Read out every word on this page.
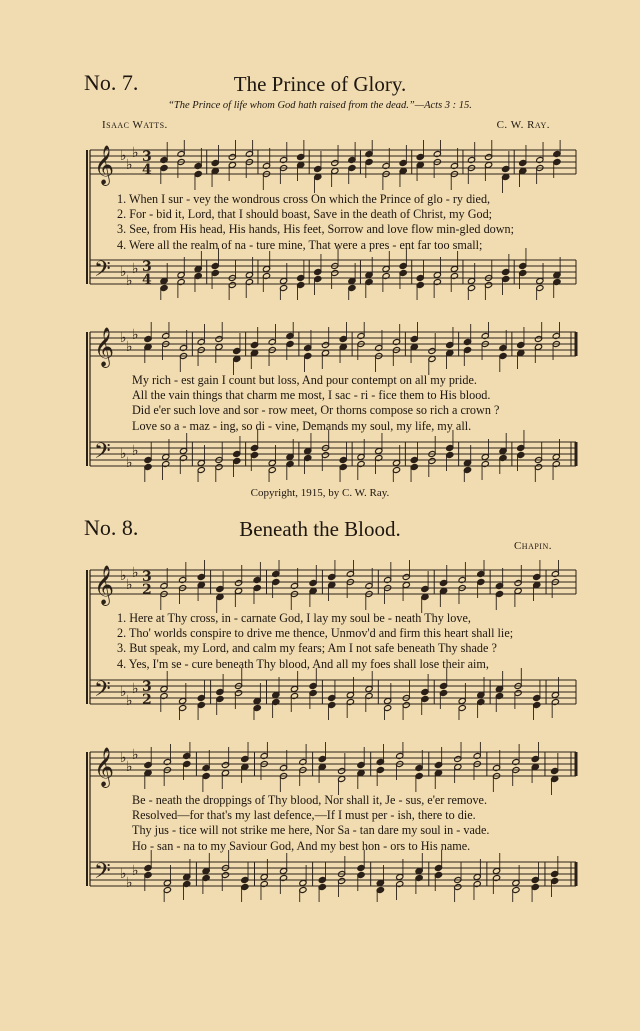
No. 7.	The Prince of Glory.
“The Prince of life whom God hath raised from the dead.”—Acts 3 : 15.
Isaac Watts.	C. W. Ray.
𝄞
𝄢
♭
♭
♭
♭
♭
♭
3
4
3
4
1. When I sur - vey the wondrous cross On which the Prince of glo - ry died,
2. For - bid it, Lord, that I should boast, Save in the death of Christ, my God;
3. See, from His head, His hands, His feet, Sorrow and love flow min-gled down;
4. Were all the realm of na - ture mine, That were a pres - ent far too small;
𝄞
𝄢
♭
♭
♭
♭
♭
♭
My rich - est gain I count but loss, And pour contempt on all my pride.
All the vain things that charm me most, I sac - ri - fice them to His blood.
Did e'er such love and sor - row meet, Or thorns compose so rich a crown ?
Love so a - maz - ing, so di - vine, Demands my soul, my life, my all.
Copyright, 1915, by C. W. Ray.
No. 8.	Beneath the Blood.
Chapin.
𝄞
𝄢
♭
♭
♭
♭
♭
♭
3
2
3
2
1. Here at Thy cross, in - carnate God, I lay my soul be - neath Thy love,
2. Tho' worlds conspire to drive me thence, Unmov'd and firm this heart shall lie;
3. But speak, my Lord, and calm my fears; Am I not safe beneath Thy shade ?
4. Yes, I'm se - cure beneath Thy blood, And all my foes shall lose their aim,
𝄞
𝄢
♭
♭
♭
♭
♭
♭
Be - neath the droppings of Thy blood, Nor shall it, Je - sus, e'er remove.
Resolved—for that's my last defence,—If I must per - ish, there to die.
Thy jus - tice will not strike me here, Nor Sa - tan dare my soul in - vade.
Ho - san - na to my Saviour God, And my best hon - ors to His name.
